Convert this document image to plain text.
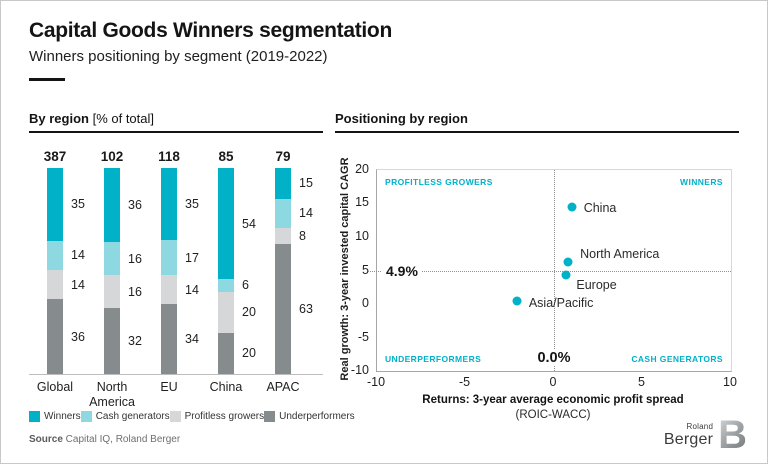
Capital Goods Winners segmentation
Winners positioning by segment (2019-2022)
By region [% of total]
387
35
14
14
36
Global
102
36
16
16
32
North America
118
35
17
14
34
EU
85
54
6
20
20
China
79
15
14
8
63
APAC
Winners Cash generators Profitless growers Underperformers
Source Capital IQ, Roland Berger
Positioning by region
Real growth: 3-year invested capital CAGR 20
15
10
5
0
-5
-10
PROFITLESS GROWERS	WINNERS
UNDERPERFORMERS	CASH GENERATORS
4.9%
0.0%
China
North America
Europe
Asia/Pacific
-10	-5	0	5	10
Returns: 3-year average economic profit spread
(ROIC-WACC)
Roland
Berger B
